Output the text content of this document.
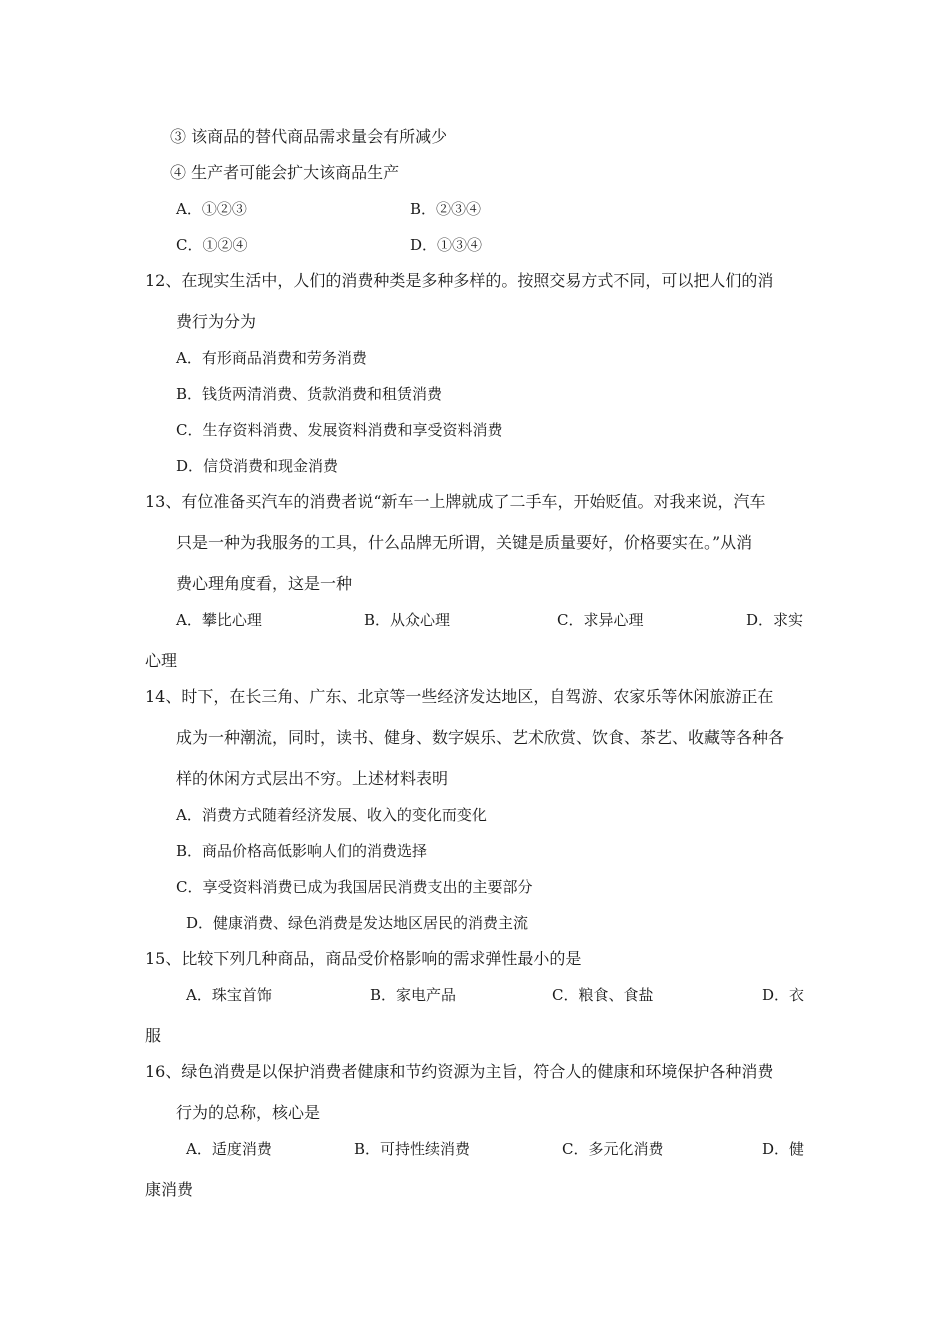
③ 该商品的替代商品需求量会有所减少
④ 生产者可能会扩大该商品生产
A．①②③	B．②③④
C．①②④	D．①③④
12、在现实生活中，人们的消费种类是多种多样的。按照交易方式不同，可以把人们的消
费行为分为
A．有形商品消费和劳务消费
B．钱货两清消费、货款消费和租赁消费
C．生存资料消费、发展资料消费和享受资料消费
D．信贷消费和现金消费
13、有位准备买汽车的消费者说“新车一上牌就成了二手车，开始贬值。对我来说，汽车
只是一种为我服务的工具，什么品牌无所谓，关键是质量要好，价格要实在。”从消
费心理角度看，这是一种
A．攀比心理	B．从众心理	C．求异心理	D．求实
心理
14、时下，在长三角、广东、北京等一些经济发达地区，自驾游、农家乐等休闲旅游正在
成为一种潮流，同时，读书、健身、数字娱乐、艺术欣赏、饮食、茶艺、收藏等各种各
样的休闲方式层出不穷。上述材料表明
A．消费方式随着经济发展、收入的变化而变化
B．商品价格高低影响人们的消费选择
C．享受资料消费已成为我国居民消费支出的主要部分
D．健康消费、绿色消费是发达地区居民的消费主流
15、比较下列几种商品，商品受价格影响的需求弹性最小的是
A．珠宝首饰	B．家电产品	C．粮食、食盐	D．衣
服
16、绿色消费是以保护消费者健康和节约资源为主旨，符合人的健康和环境保护各种消费
行为的总称，核心是
A．适度消费	B．可持性续消费	C．多元化消费	D．健
康消费
